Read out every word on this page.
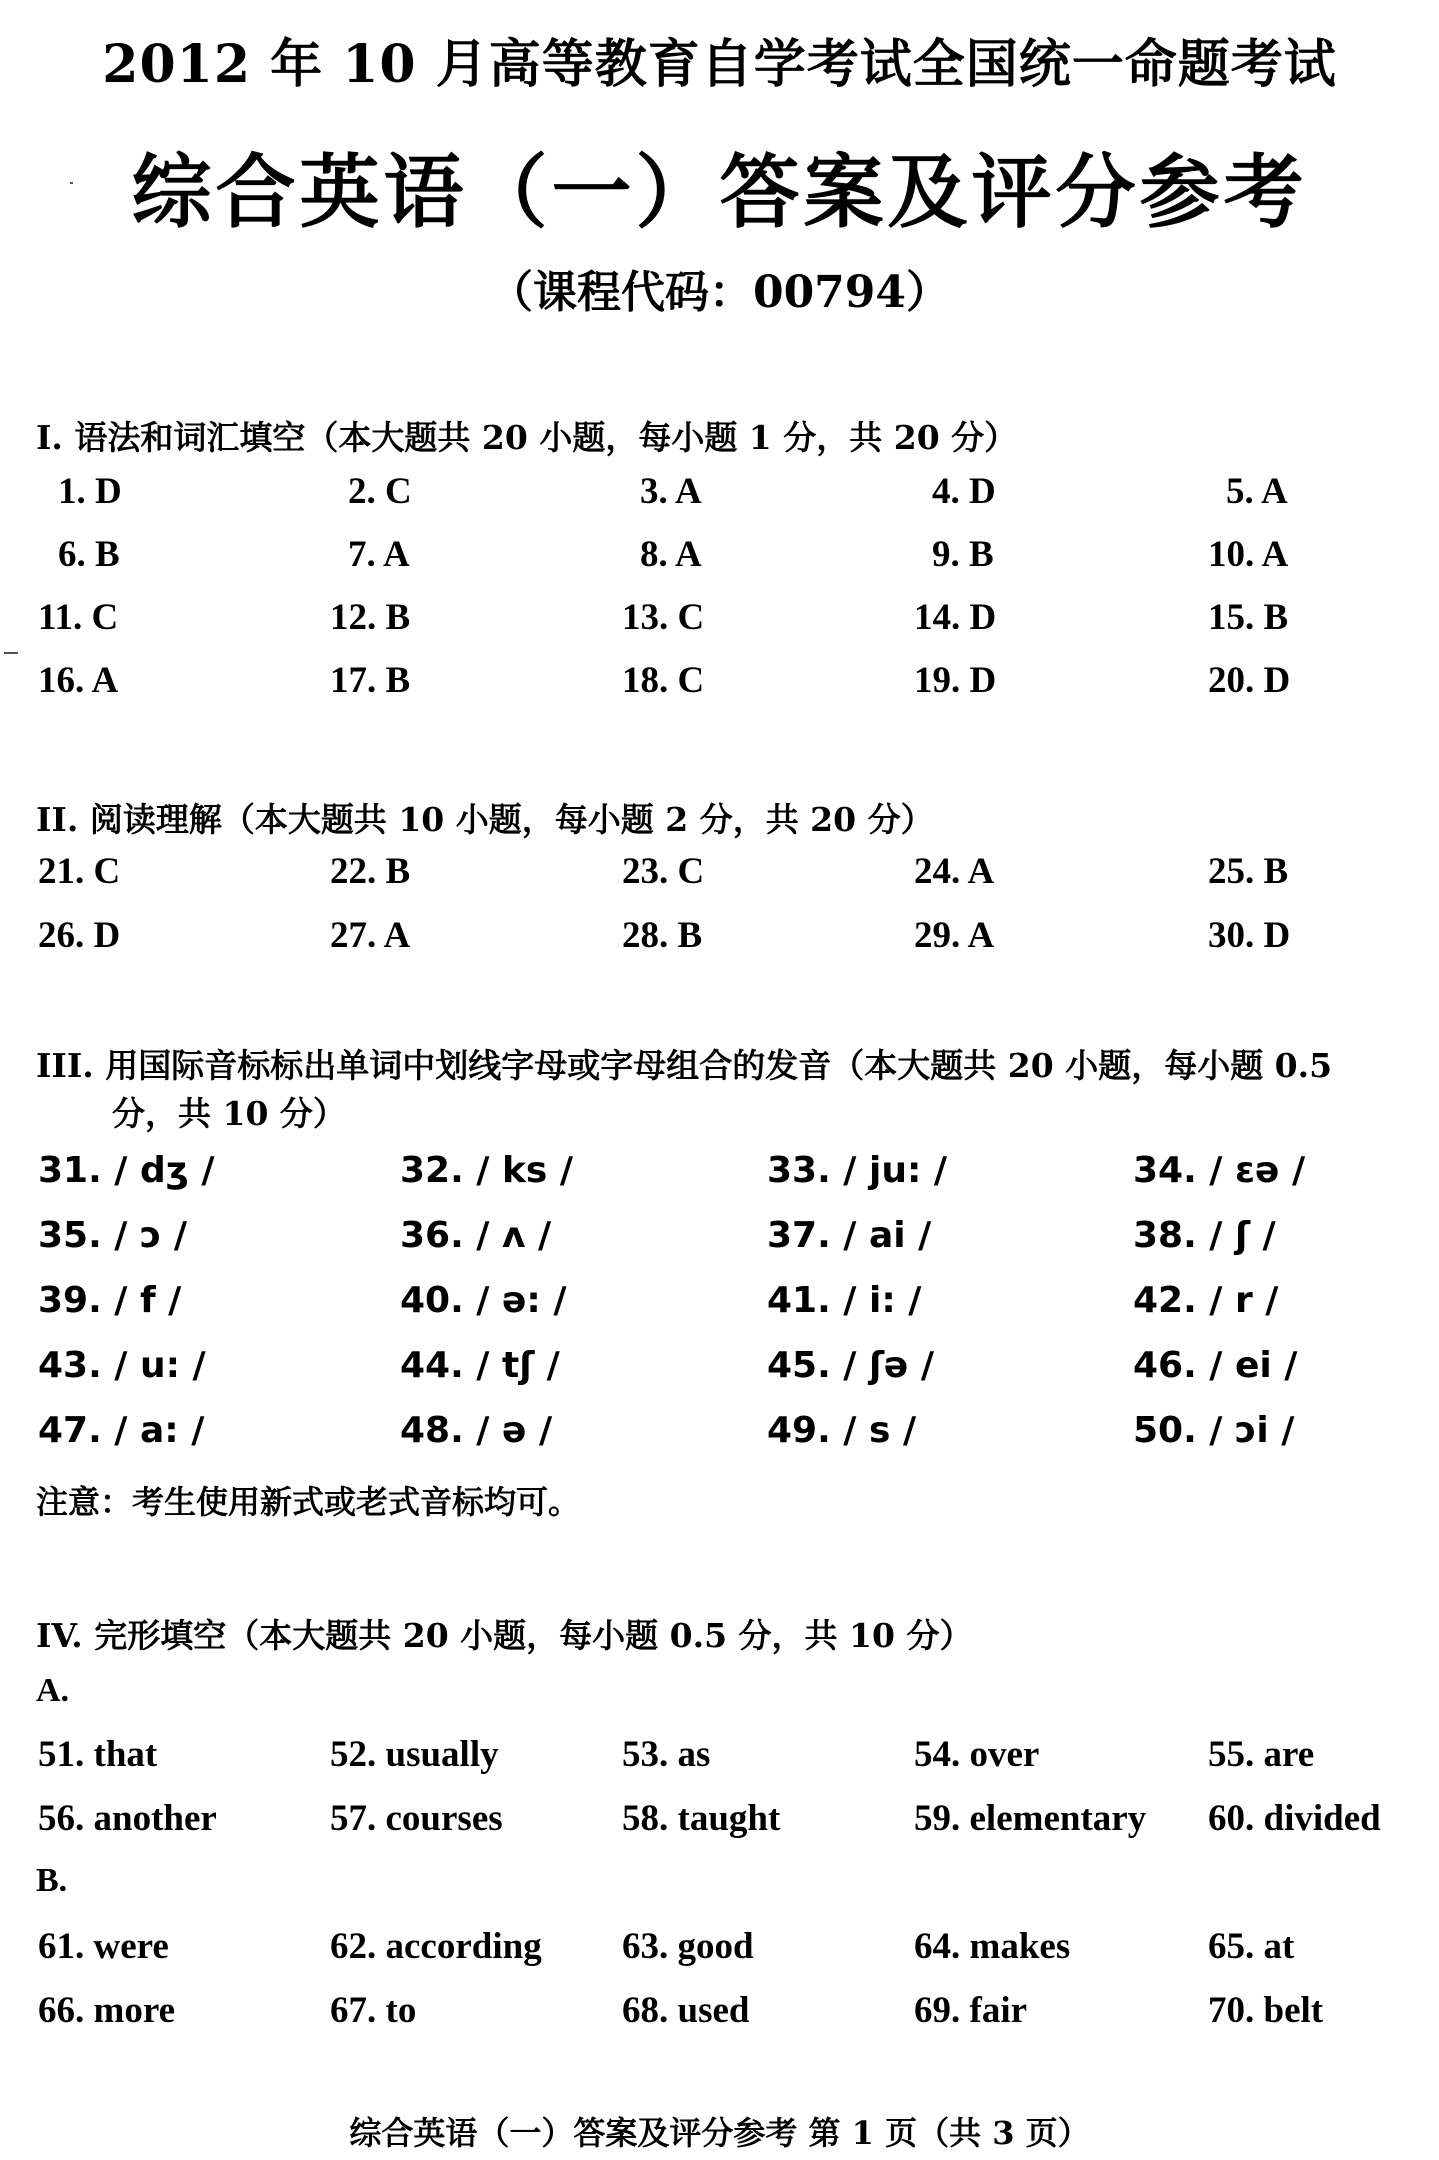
2012 年 10 月高等教育自学考试全国统一命题考试
综合英语（一）答案及评分参考
（课程代码：00794）
I. 语法和词汇填空（本大题共 20 小题，每小题 1 分，共 20 分）
1. D	2. C	3. A	4. D	5. A
6. B	7. A	8. A	9. B	10. A
11. C	12. B	13. C	14. D	15. B
16. A	17. B	18. C	19. D	20. D
II. 阅读理解（本大题共 10 小题，每小题 2 分，共 20 分）
21. C	22. B	23. C	24. A	25. B
26. D	27. A	28. B	29. A	30. D
III. 用国际音标标出单词中划线字母或字母组合的发音（本大题共 20 小题，每小题 0.5
分，共 10 分）
31. / dʒ /	32. / ks /	33. / ju: /	34. / εə /
35. / ɔ /	36. / ʌ /	37. / ai /	38. / ʃ /
39. / f /	40. / ə: /	41. / i: /	42. / r /
43. / u: /	44. / tʃ /	45. / ʃə /	46. / ei /
47. / a: /	48. / ə /	49. / s /	50. / ɔi /
注意：考生使用新式或老式音标均可。
IV. 完形填空（本大题共 20 小题，每小题 0.5 分，共 10 分）
A.
51. that	52. usually	53. as	54. over	55. are
56. another	57. courses	58. taught	59. elementary 60. divided
B.
61. were	62. according 63. good	64. makes	65. at
66. more	67. to	68. used	69. fair	70. belt
综合英语（一）答案及评分参考 第 1 页（共 3 页）
